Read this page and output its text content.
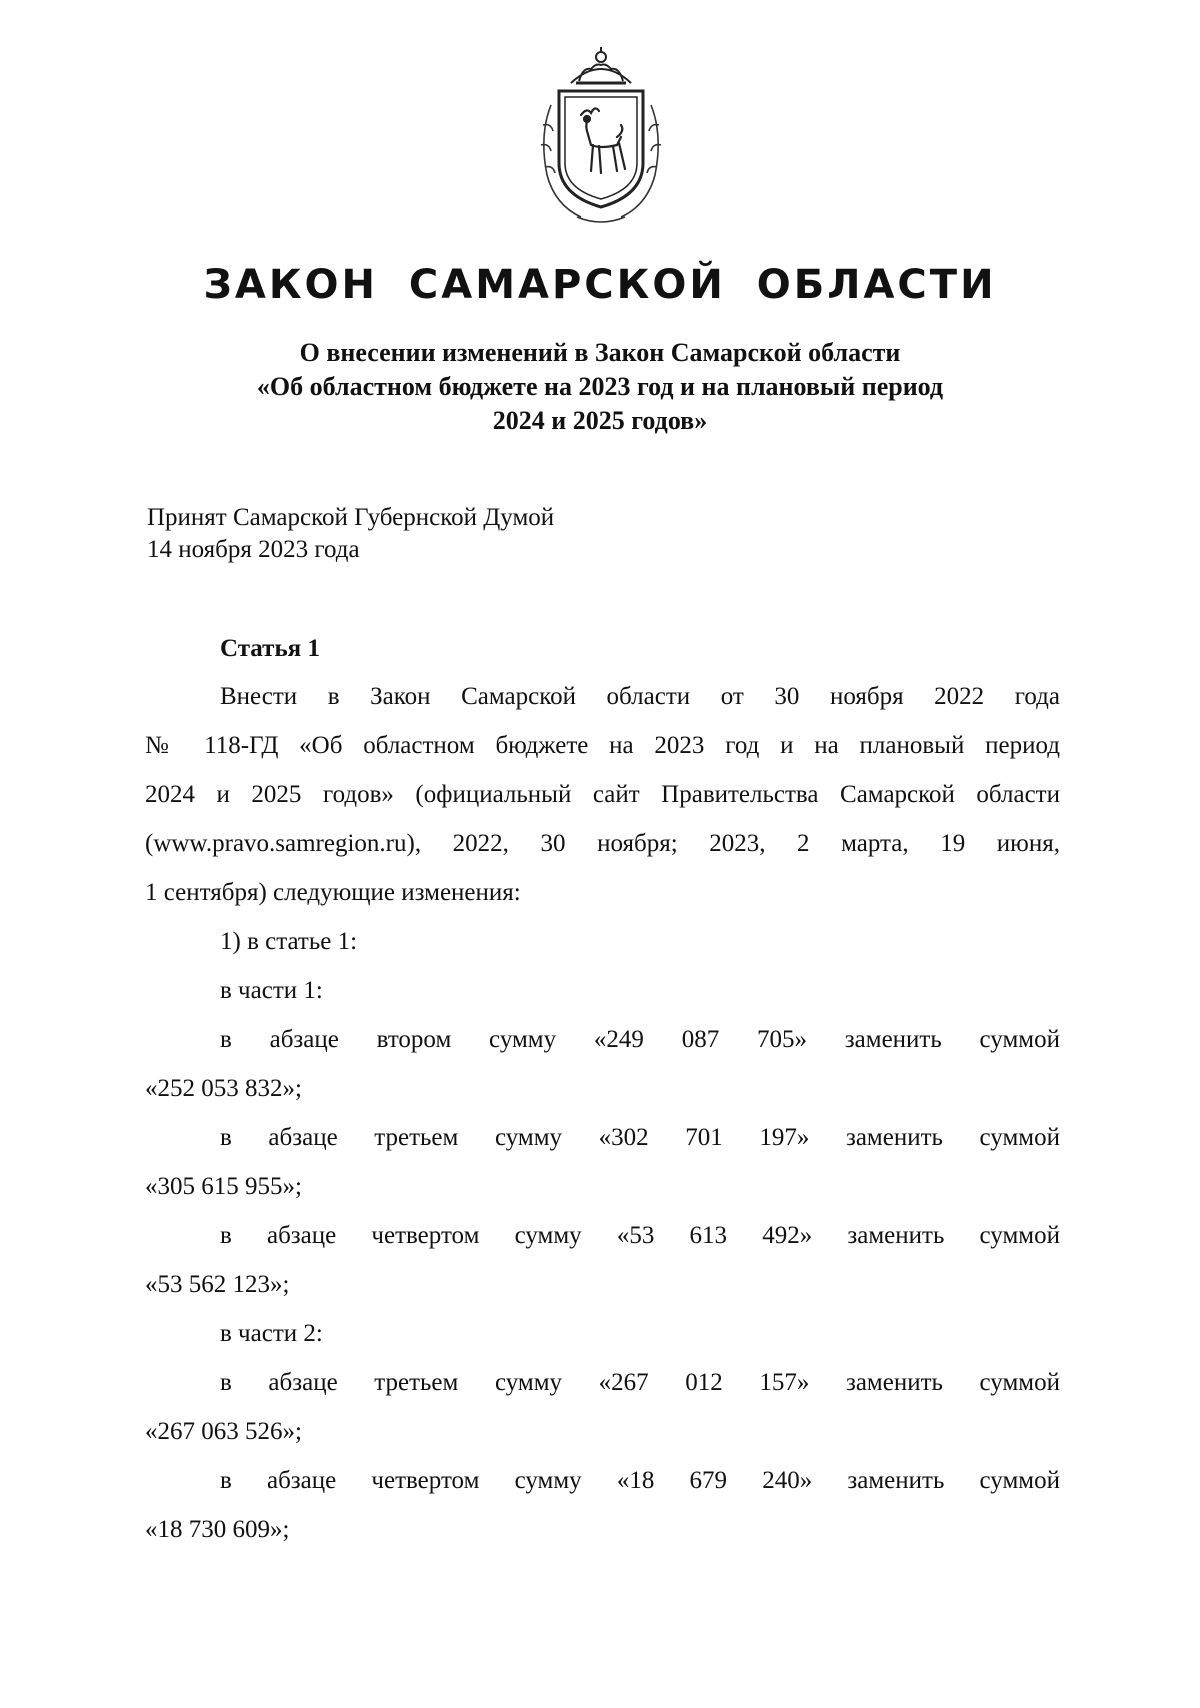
ЗАКОН САМАРСКОЙ ОБЛАСТИ
О внесении изменений в Закон Самарской области
«Об областном бюджете на 2023 год и на плановый период
2024 и 2025 годов»
Принят Самарской Губернской Думой
14 ноября 2023 года
Статья 1
Внести в Закон Самарской области от 30 ноября 2022 года
№ 118-ГД «Об областном бюджете на 2023 год и на плановый период
2024 и 2025 годов» (официальный сайт Правительства Самарской области
(www.pravo.samregion.ru), 2022, 30 ноября; 2023, 2 марта, 19 июня,
1 сентября) следующие изменения:
1) в статье 1:
в части 1:
в абзаце втором сумму «249 087 705» заменить суммой
«252 053 832»;
в абзаце третьем сумму «302 701 197» заменить суммой
«305 615 955»;
в абзаце четвертом сумму «53 613 492» заменить суммой
«53 562 123»;
в части 2:
в абзаце третьем сумму «267 012 157» заменить суммой
«267 063 526»;
в абзаце четвертом сумму «18 679 240» заменить суммой
«18 730 609»;
